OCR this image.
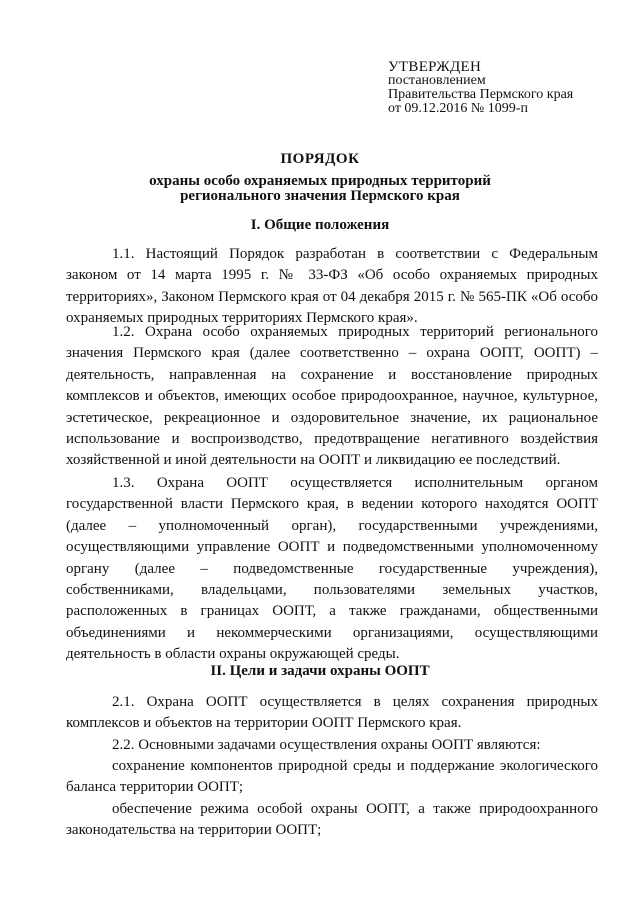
УТВЕРЖДЕН
постановлением
Правительства Пермского края
от 09.12.2016 № 1099-п
ПОРЯДОК
охраны особо охраняемых природных территорий
регионального значения Пермского края
I. Общие положения
1.1. Настоящий Порядок разработан в соответствии с Федеральным законом от 14 марта 1995 г. № 33-ФЗ «Об особо охраняемых природных территориях», Законом Пермского края от 04 декабря 2015 г. № 565-ПК «Об особо охраняемых природных территориях Пермского края».
1.2. Охрана особо охраняемых природных территорий регионального значения Пермского края (далее соответственно – охрана ООПТ, ООПТ) – деятельность, направленная на сохранение и восстановление природных комплексов и объектов, имеющих особое природоохранное, научное, культурное, эстетическое, рекреационное и оздоровительное значение, их рациональное использование и воспроизводство, предотвращение негативного воздействия хозяйственной и иной деятельности на ООПТ и ликвидацию ее последствий.
1.3. Охрана ООПТ осуществляется исполнительным органом государственной власти Пермского края, в ведении которого находятся ООПТ (далее – уполномоченный орган), государственными учреждениями, осуществляющими управление ООПТ и подведомственными уполномоченному органу (далее – подведомственные государственные учреждения), собственниками, владельцами, пользователями земельных участков, расположенных в границах ООПТ, а также гражданами, общественными объединениями и некоммерческими организациями, осуществляющими деятельность в области охраны окружающей среды.
II. Цели и задачи охраны ООПТ
2.1. Охрана ООПТ осуществляется в целях сохранения природных комплексов и объектов на территории ООПТ Пермского края.
2.2. Основными задачами осуществления охраны ООПТ являются:
сохранение компонентов природной среды и поддержание экологического баланса территории ООПТ;
обеспечение режима особой охраны ООПТ, а также природоохранного законодательства на территории ООПТ;
